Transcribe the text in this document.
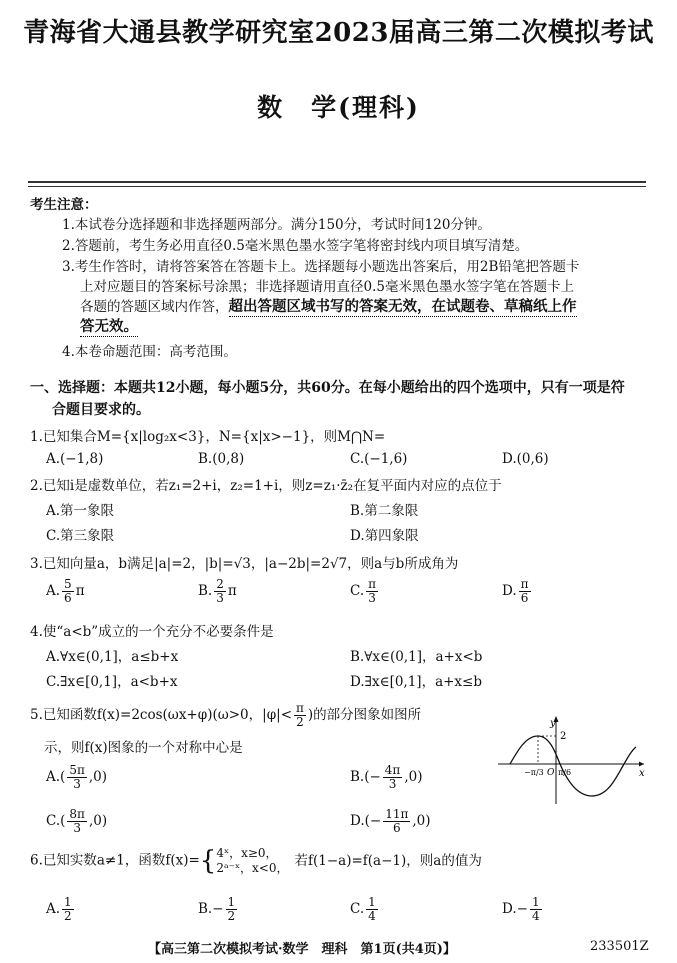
青海省大通县教学研究室2023届高三第二次模拟考试
数　学(理科)
考生注意：
1.本试卷分选择题和非选择题两部分。满分150分，考试时间120分钟。
2.答题前，考生务必用直径0.5毫米黑色墨水签字笔将密封线内项目填写清楚。
3.考生作答时，请将答案答在答题卡上。选择题每小题选出答案后，用2B铅笔把答题卡
上对应题目的答案标号涂黑；非选择题请用直径0.5毫米黑色墨水签字笔在答题卡上
各题的答题区域内作答，超出答题区域书写的答案无效，在试题卷、草稿纸上作
答无效。
4.本卷命题范围：高考范围。
一、选择题：本题共12小题，每小题5分，共60分。在每小题给出的四个选项中，只有一项是符
合题目要求的。
1.已知集合M={x|log₂x<3}，N={x|x>−1}，则M⋂N=
A.(−1,8)	B.(0,8)	C.(−1,6)	D.(0,6)
2.已知i是虚数单位，若z₁=2+i，z₂=1+i，则z=z₁·z̄₂在复平面内对应的点位于
A.第一象限	B.第二象限
C.第三象限	D.第四象限
3.已知向量a，b满足|a|=2，|b|=√3，|a−2b|=2√7，则a与b所成角为
A. $\frac{5}{6}$ π	B. $\frac{2}{3}$ π	C. $\frac{\pi}{3}$	D. $\frac{\pi}{6}$
4.使“a<b”成立的一个充分不必要条件是
A.∀x∈(0,1]，a≤b+x	B.∀x∈(0,1]，a+x<b
C.∃x∈[0,1]，a<b+x	D.∃x∈[0,1]，a+x≤b
5.已知函数f(x)=2cos(ωx+φ)(ω>0，$|\varphi|< \frac{\pi}{2}$ )的部分图象如图所
示，则f(x)图象的一个对称中心是
$A.( \frac{5\pi}{3} ,0)$	$B.(- \frac{4\pi}{3} ,0)$
$C.( \frac{8\pi}{3} ,0)$	$D.(- \frac{11\pi}{6} ,0)$
y
x
2
O
−π/3 π/6
6.已知实数a≠1，函数f(x)={ 4ˣ，x≥0，
2ᵃ⁻ˣ，x<0， 若f(1−a)=f(a−1)，则a的值为
A. $\frac{1}{2}$	$B.- \frac{1}{2}$	C. $\frac{1}{4}$	$D.- \frac{1}{4}$
【高三第二次模拟考试·数学　理科　第1页(共4页)】	233501Z
